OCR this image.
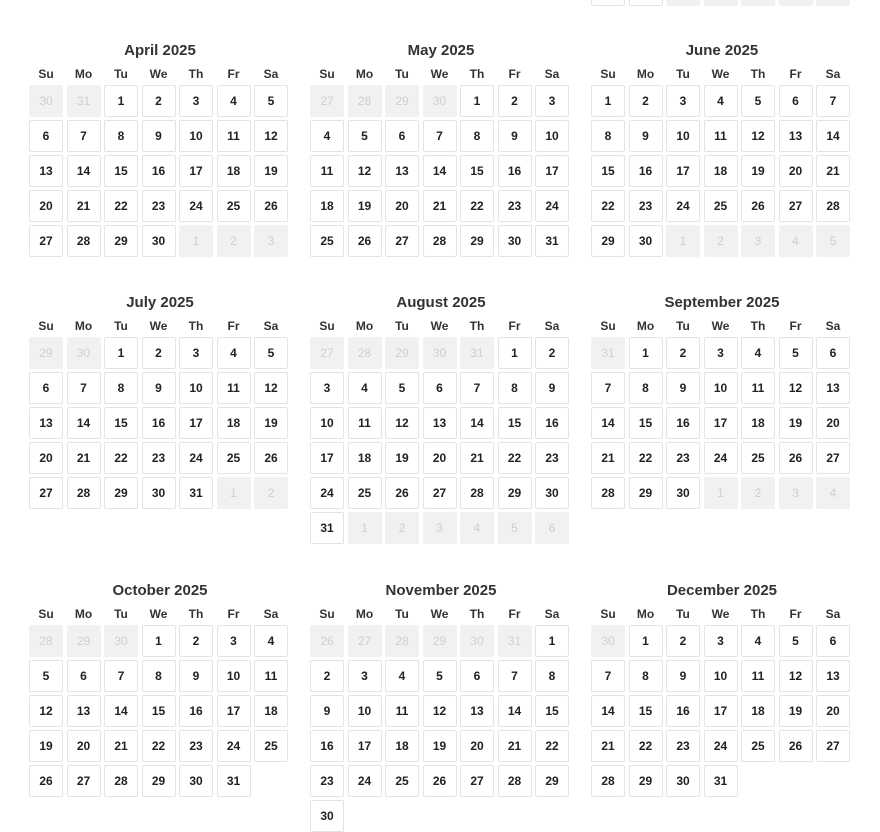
April 2025
Su	Mo	Tu	We	Th	Fr	Sa
30	31	1	2	3	4	5
6	7	8	9	10	11	12
13	14	15	16	17	18	19
20	21	22	23	24	25	26
27	28	29	30	1	2	3
May 2025
Su	Mo	Tu	We	Th	Fr	Sa
27	28	29	30	1	2	3
4	5	6	7	8	9	10
11	12	13	14	15	16	17
18	19	20	21	22	23	24
25	26	27	28	29	30	31
June 2025
Su	Mo	Tu	We	Th	Fr	Sa
1	2	3	4	5	6	7
8	9	10	11	12	13	14
15	16	17	18	19	20	21
22	23	24	25	26	27	28
29	30	1	2	3	4	5
July 2025
Su	Mo	Tu	We	Th	Fr	Sa
29	30	1	2	3	4	5
6	7	8	9	10	11	12
13	14	15	16	17	18	19
20	21	22	23	24	25	26
27	28	29	30	31	1	2
August 2025
Su	Mo	Tu	We	Th	Fr	Sa
27	28	29	30	31	1	2
3	4	5	6	7	8	9
10	11	12	13	14	15	16
17	18	19	20	21	22	23
24	25	26	27	28	29	30
31	1	2	3	4	5	6
September 2025
Su	Mo	Tu	We	Th	Fr	Sa
31	1	2	3	4	5	6
7	8	9	10	11	12	13
14	15	16	17	18	19	20
21	22	23	24	25	26	27
28	29	30	1	2	3	4
October 2025
Su	Mo	Tu	We	Th	Fr	Sa
28	29	30	1	2	3	4
5	6	7	8	9	10	11
12	13	14	15	16	17	18
19	20	21	22	23	24	25
26	27	28	29	30	31
November 2025
Su	Mo	Tu	We	Th	Fr	Sa
26	27	28	29	30	31	1
2	3	4	5	6	7	8
9	10	11	12	13	14	15
16	17	18	19	20	21	22
23	24	25	26	27	28	29
30
December 2025
Su	Mo	Tu	We	Th	Fr	Sa
30	1	2	3	4	5	6
7	8	9	10	11	12	13
14	15	16	17	18	19	20
21	22	23	24	25	26	27
28	29	30	31
